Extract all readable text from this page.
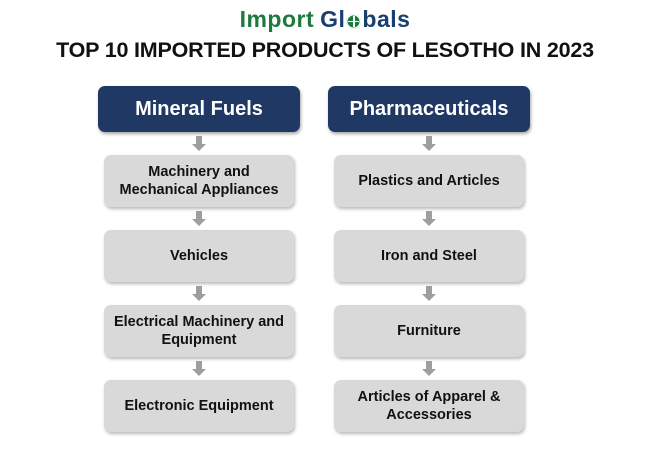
Import Gl bals
TOP 10 IMPORTED PRODUCTS OF LESOTHO IN 2023
Mineral Fuels
Machinery and Mechanical Appliances
Vehicles
Electrical Machinery and Equipment
Electronic Equipment
Pharmaceuticals
Plastics and Articles
Iron and Steel
Furniture
Articles of Apparel & Accessories
